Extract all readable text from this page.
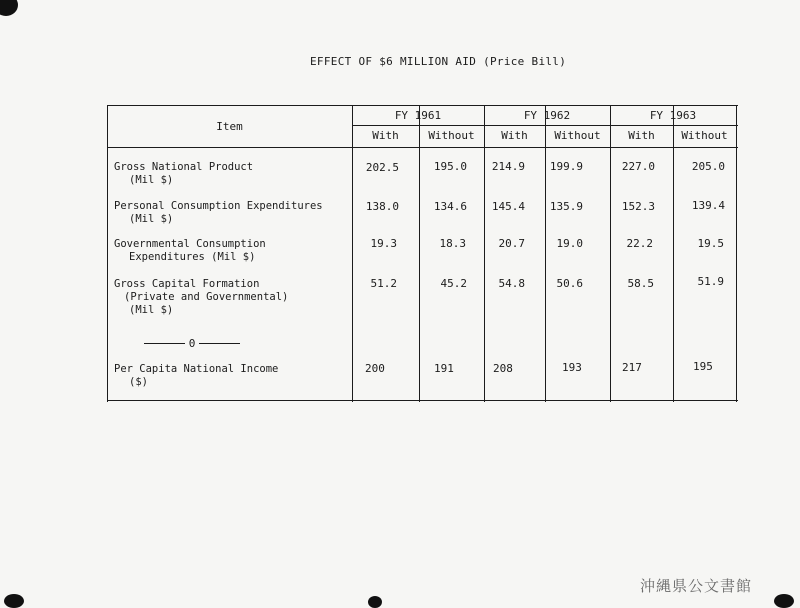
EFFECT OF $6 MILLION AID (Price Bill)
Item
FY 1961	FY 1962	FY 1963
With	Without	With	Without	With	Without
Gross National Product
(Mil $)
202.5	195.0	214.9	199.9	227.0	205.0
Personal Consumption Expenditures
(Mil $)
138.0	134.6	145.4	135.9	152.3	139.4
Governmental Consumption
Expenditures (Mil $)
19.3	18.3	20.7	19.0	22.2	19.5
Gross Capital Formation
(Private and Governmental)
(Mil $)
51.2	45.2	54.8	50.6	58.5	51.9
0
Per Capita National Income
($)
200	191	208	193	217	195
沖縄県公文書館
